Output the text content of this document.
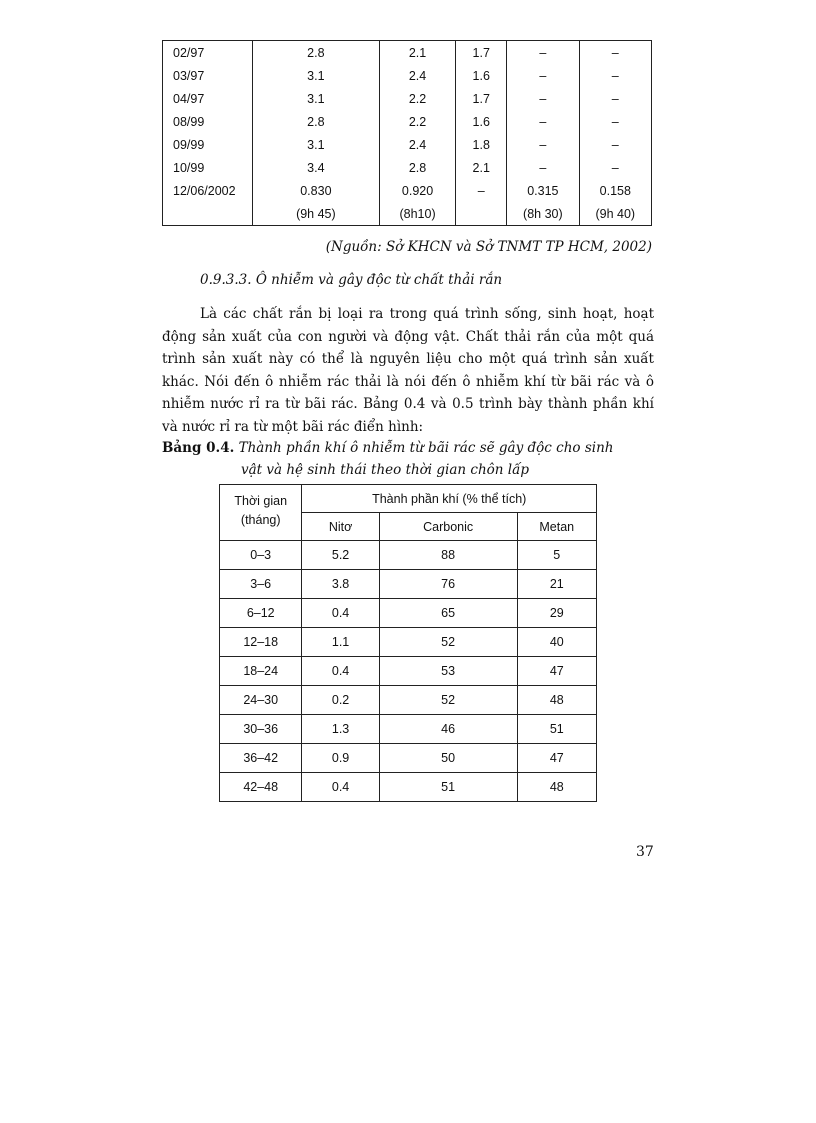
02/97	2.8	2.1	1.7	–	–
03/97	3.1	2.4	1.6	–	–
04/97	3.1	2.2	1.7	–	–
08/99	2.8	2.2	1.6	–	–
09/99	3.1	2.4	1.8	–	–
10/99	3.4	2.8	2.1	–	–
12/06/2002	0.830	0.920	–	0.315	0.158
	(9h 45)	(8h10)		(8h 30)	(9h 40)
(Nguồn: Sở KHCN và Sở TNMT TP HCM, 2002)
0.9.3.3. Ô nhiễm và gây độc từ chất thải rắn

Là các chất rắn bị loại ra trong quá trình sống, sinh hoạt, hoạt động sản xuất của con người và động vật. Chất thải rắn của một quá trình sản xuất này có thể là nguyên liệu cho một quá trình sản xuất khác. Nói đến ô nhiễm rác thải là nói đến ô nhiễm khí từ bãi rác và ô nhiễm nước rỉ ra từ bãi rác. Bảng 0.4 và 0.5 trình bày thành phần khí và nước rỉ ra từ một bãi rác điển hình:

Bảng 0.4. Thành phần khí ô nhiễm từ bãi rác sẽ gây độc cho sinh
vật và hệ sinh thái theo thời gian chôn lấp
Thời gian
(tháng)	Thành phần khí (% thể tích)		
	Nitơ	Carbonic	Metan
0–3	5.2	88	5
3–6	3.8	76	21
6–12	0.4	65	29
12–18	1.1	52	40
18–24	0.4	53	47
24–30	0.2	52	48
30–36	1.3	46	51
36–42	0.9	50	47
42–48	0.4	51	48
37
